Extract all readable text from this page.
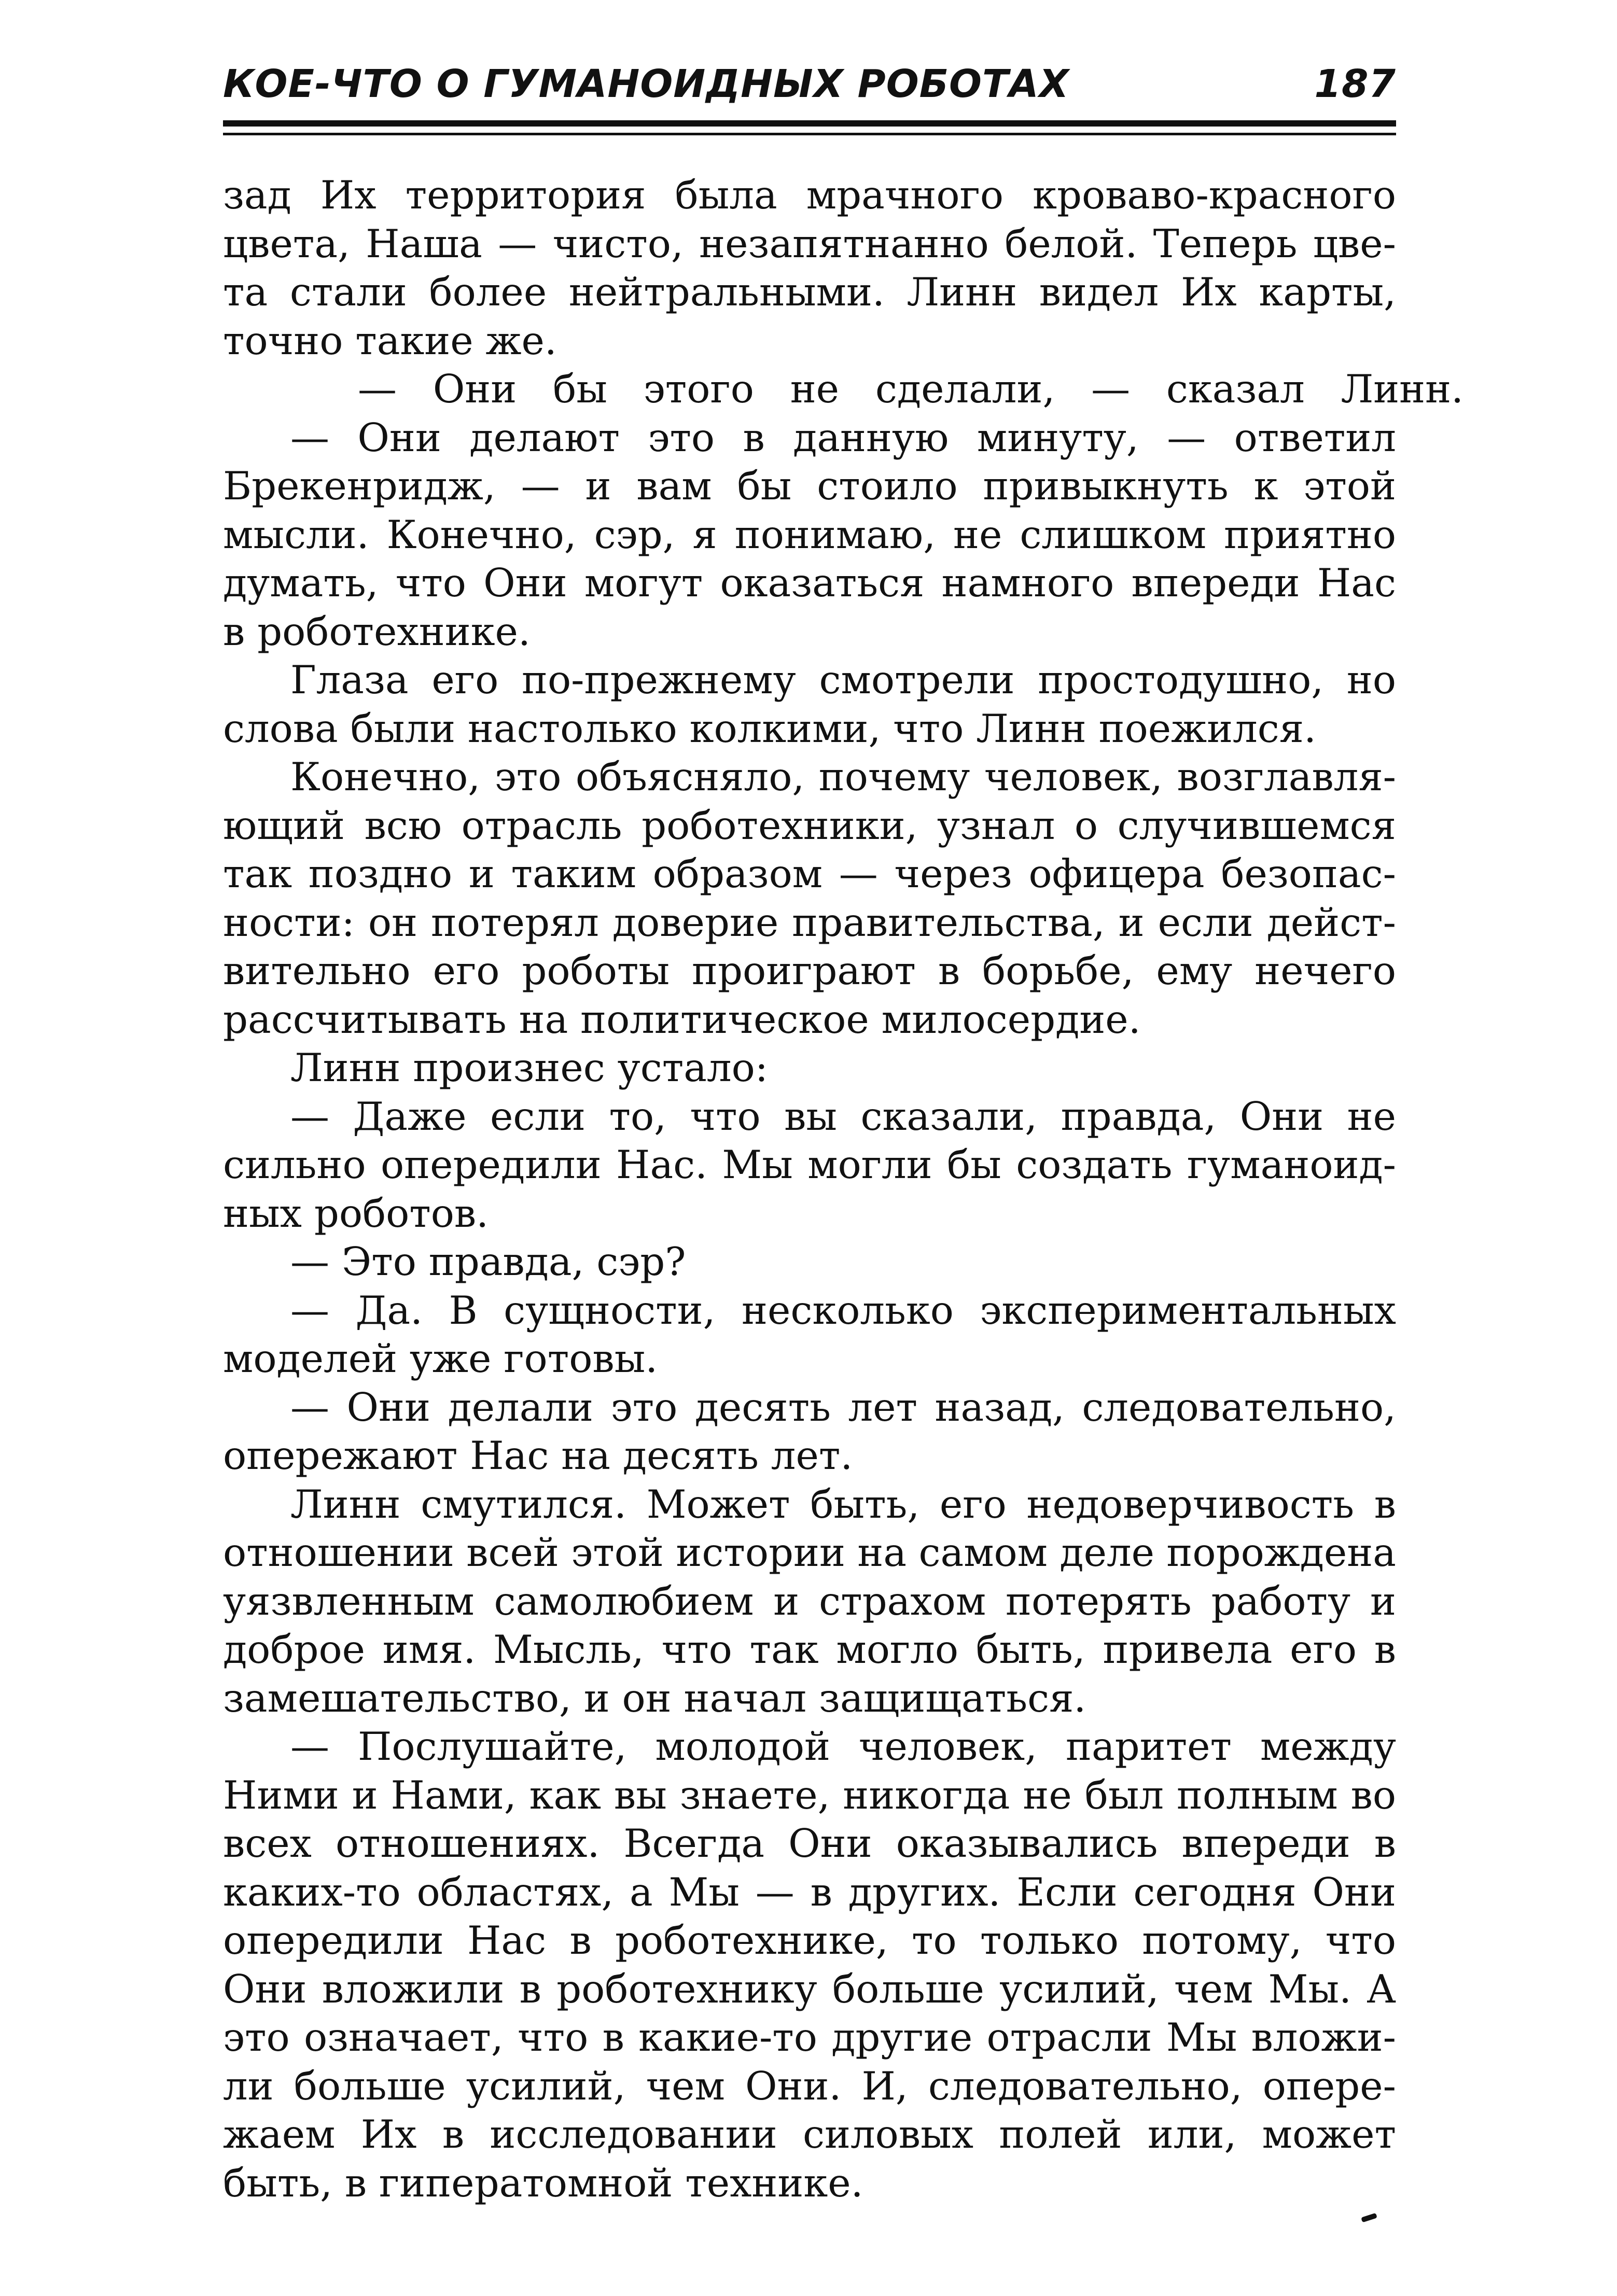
КОЕ-ЧТО О ГУМАНОИДНЫХ РОБОТАХ	187

зад Их территория была мрачного кроваво-красного
цвета, Наша — чисто, незапятнанно белой. Теперь цве-
та стали более нейтральными. Линн видел Их карты,
точно такие же.

— Они бы этого не сделали, — сказал Линн.

— Они делают это в данную минуту, — ответил
Брекенридж, — и вам бы стоило привыкнуть к этой
мысли. Конечно, сэр, я понимаю, не слишком приятно
думать, что Они могут оказаться намного впереди Нас
в роботехнике.

Глаза его по-прежнему смотрели простодушно, но
слова были настолько колкими, что Линн поежился.

Конечно, это объясняло, почему человек, возглавля-
ющий всю отрасль роботехники, узнал о случившемся
так поздно и таким образом — через офицера безопас-
ности: он потерял доверие правительства, и если дейст-
вительно его роботы проиграют в борьбе, ему нечего
рассчитывать на политическое милосердие.

Линн произнес устало:

— Даже если то, что вы сказали, правда, Они не
сильно опередили Нас. Мы могли бы создать гуманоид-
ных роботов.

— Это правда, сэр?

— Да. В сущности, несколько экспериментальных
моделей уже готовы.

— Они делали это десять лет назад, следовательно,
опережают Нас на десять лет.

Линн смутился. Может быть, его недоверчивость в
отношении всей этой истории на самом деле порождена
уязвленным самолюбием и страхом потерять работу и
доброе имя. Мысль, что так могло быть, привела его в
замешательство, и он начал защищаться.

— Послушайте, молодой человек, паритет между
Ними и Нами, как вы знаете, никогда не был полным во
всех отношениях. Всегда Они оказывались впереди в
каких-то областях, а Мы — в других. Если сегодня Они
опередили Нас в роботехнике, то только потому, что
Они вложили в роботехнику больше усилий, чем Мы. А
это означает, что в какие-то другие отрасли Мы вложи-
ли больше усилий, чем Они. И, следовательно, опере-
жаем Их в исследовании силовых полей или, может
быть, в гиператомной технике.
